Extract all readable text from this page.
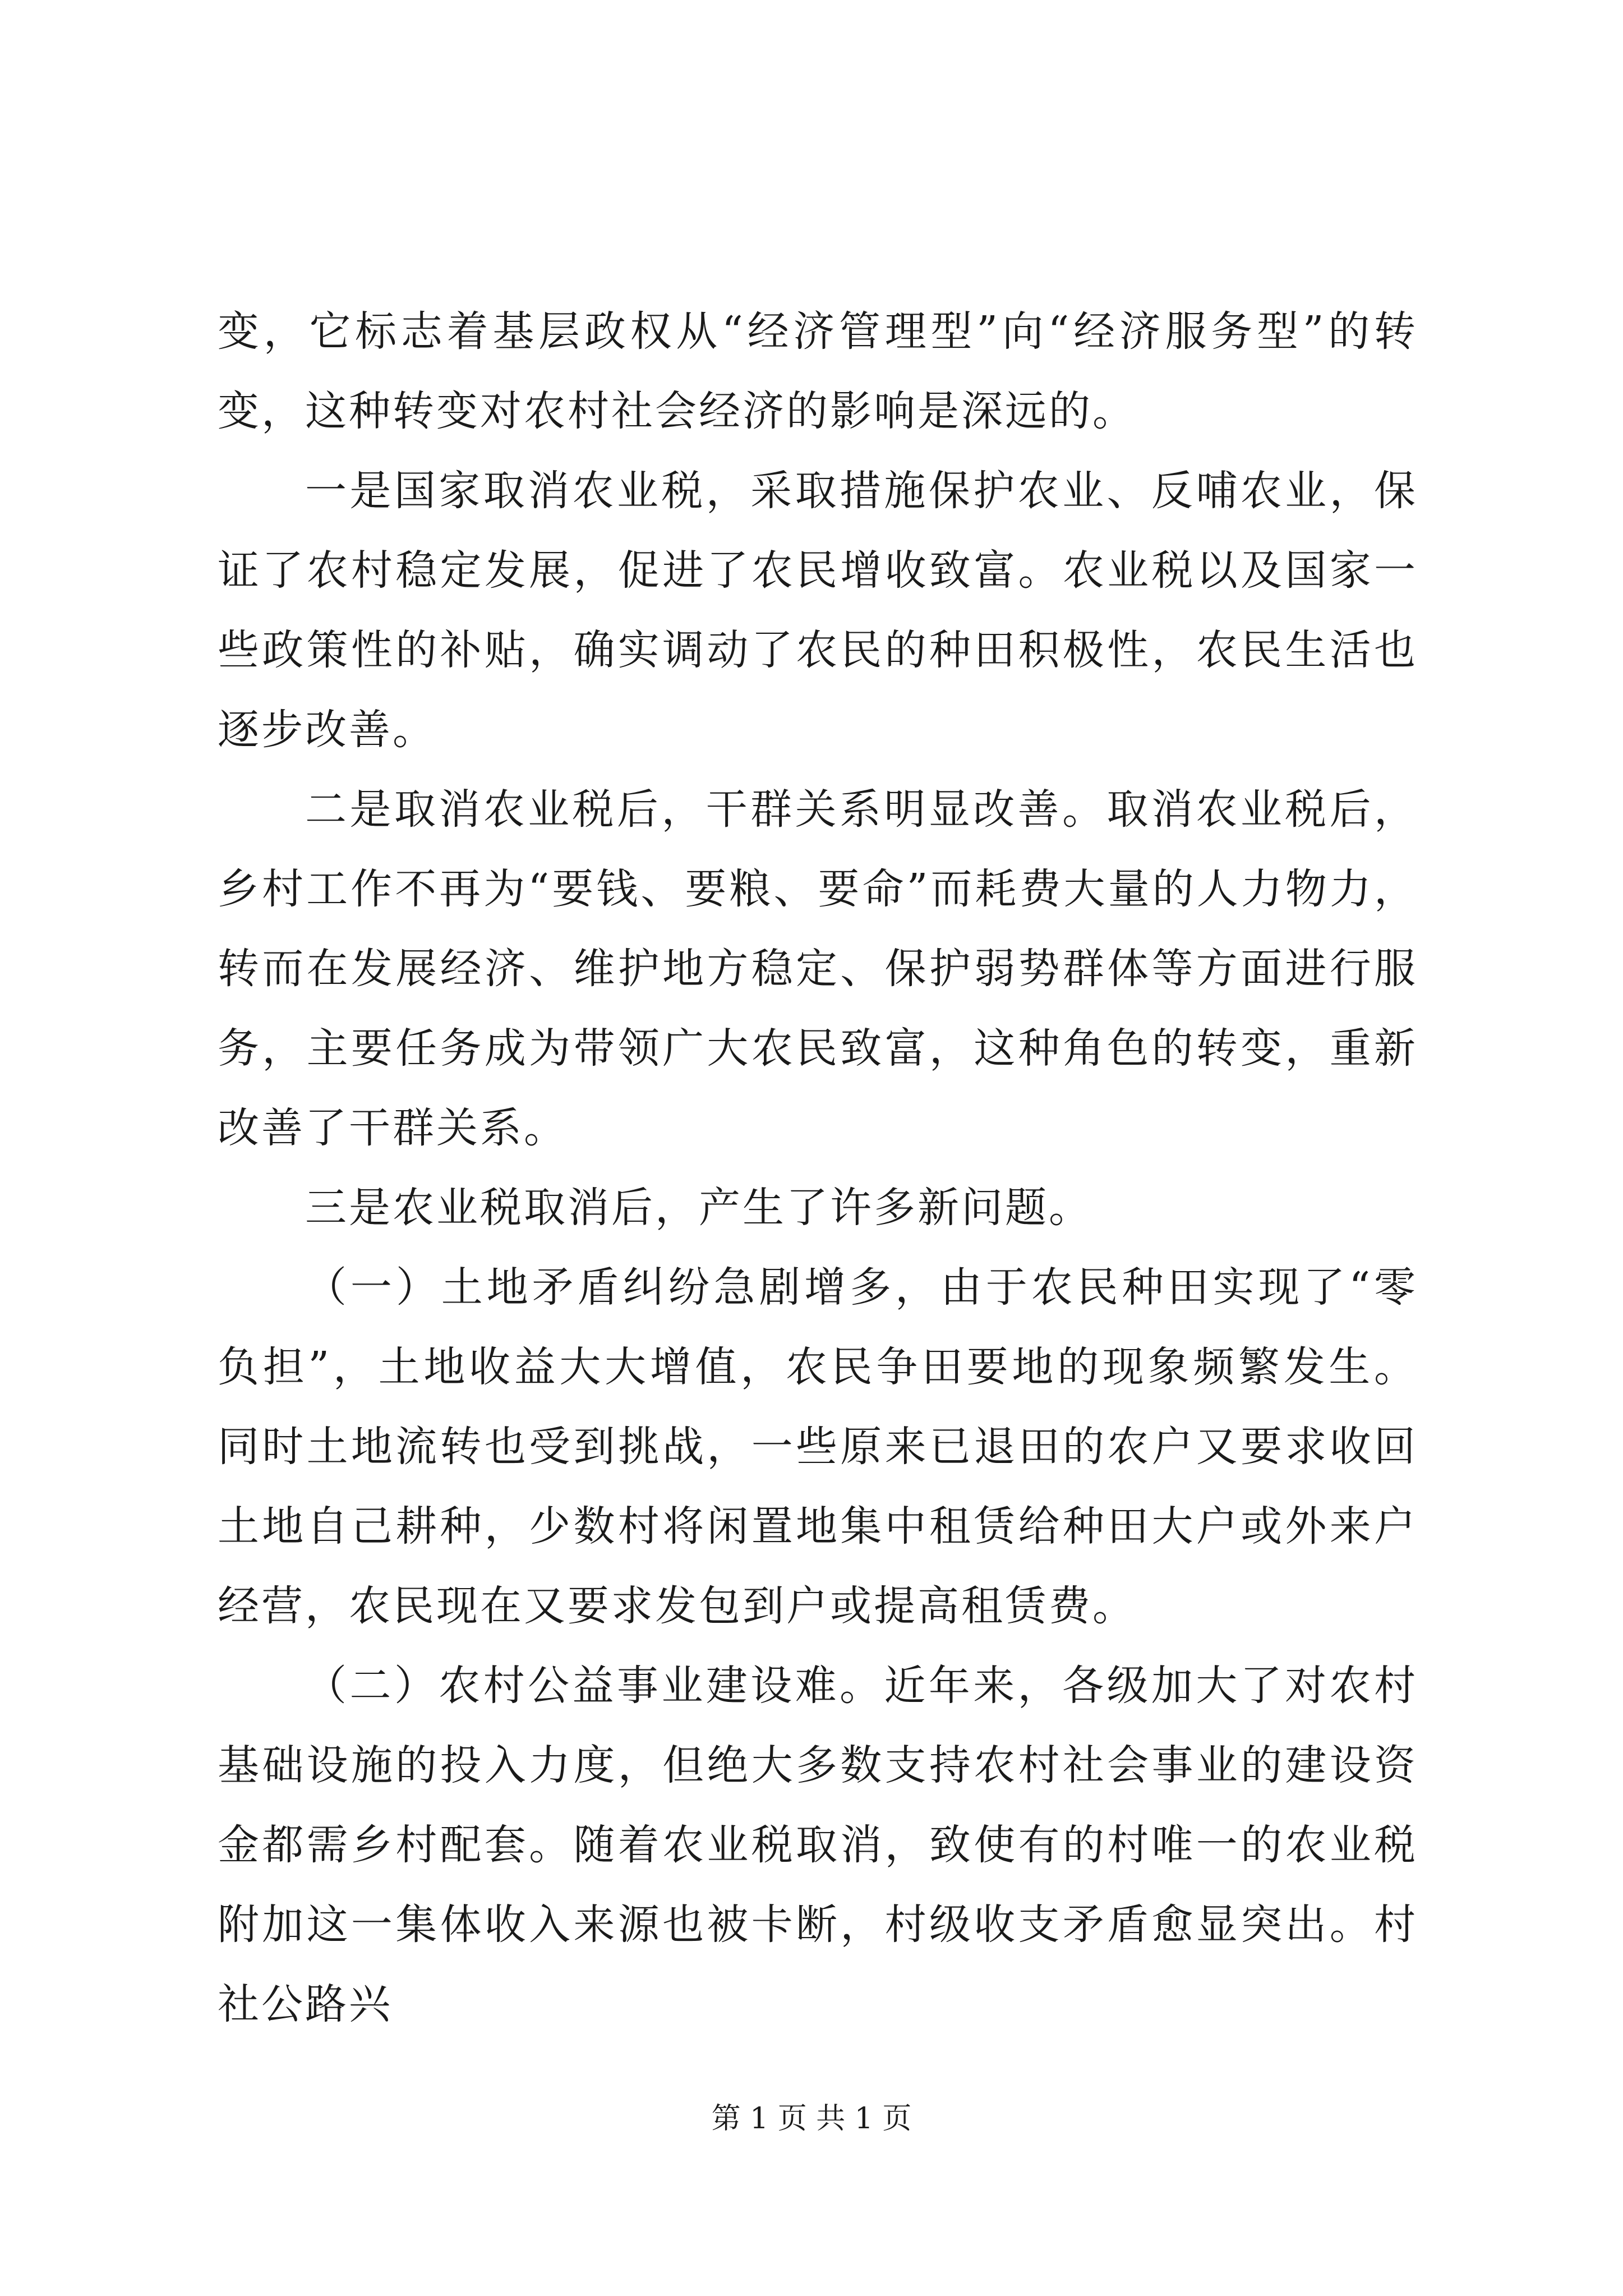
变，它标志着基层政权从“经济管理型”向“经济服务型”的转变，这种转变对农村社会经济的影响是深远的。

一是国家取消农业税，采取措施保护农业、反哺农业，保证了农村稳定发展，促进了农民增收致富。农业税以及国家一些政策性的补贴，确实调动了农民的种田积极性，农民生活也逐步改善。

二是取消农业税后，干群关系明显改善。取消农业税后，乡村工作不再为“要钱、要粮、要命”而耗费大量的人力物力，转而在发展经济、维护地方稳定、保护弱势群体等方面进行服务，主要任务成为带领广大农民致富，这种角色的转变，重新改善了干群关系。

三是农业税取消后，产生了许多新问题。

（一）土地矛盾纠纷急剧增多，由于农民种田实现了“零负担”，土地收益大大增值，农民争田要地的现象频繁发生。同时土地流转也受到挑战，一些原来已退田的农户又要求收回土地自己耕种，少数村将闲置地集中租赁给种田大户或外来户经营，农民现在又要求发包到户或提高租赁费。

（二）农村公益事业建设难。近年来，各级加大了对农村基础设施的投入力度，但绝大多数支持农村社会事业的建设资金都需乡村配套。随着农业税取消，致使有的村唯一的农业税附加这一集体收入来源也被卡断，村级收支矛盾愈显突出。村社公路兴

第 1 页 共 1 页
